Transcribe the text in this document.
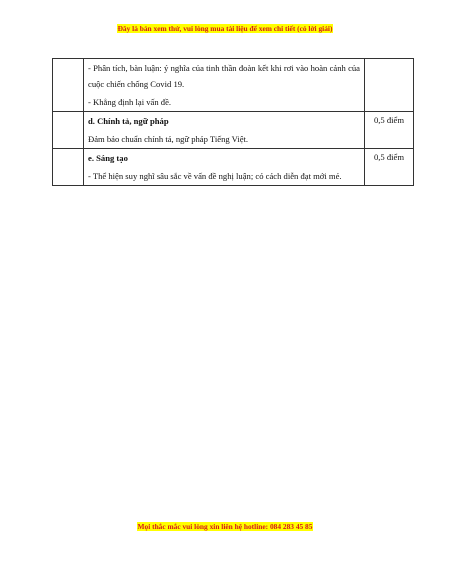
Đây là bản xem thử, vui lòng mua tài liệu để xem chi tiết (có lời giải)

	- Phân tích, bàn luận: ý nghĩa của tinh thần đoàn kết khi rơi vào hoàn cảnh của cuộc chiến chống Covid 19.
- Khẳng định lại vấn đề.	

	d. Chính tả, ngữ pháp
Đảm bảo chuẩn chính tả, ngữ pháp Tiếng Việt.	0,5 điểm

	e. Sáng tạo
- Thể hiện suy nghĩ sâu sắc về vấn đề nghị luận; có cách diễn đạt mới mẻ.	0,5 điểm
Mọi thắc mắc vui lòng xin liên hệ hotline: 084 283 45 85
